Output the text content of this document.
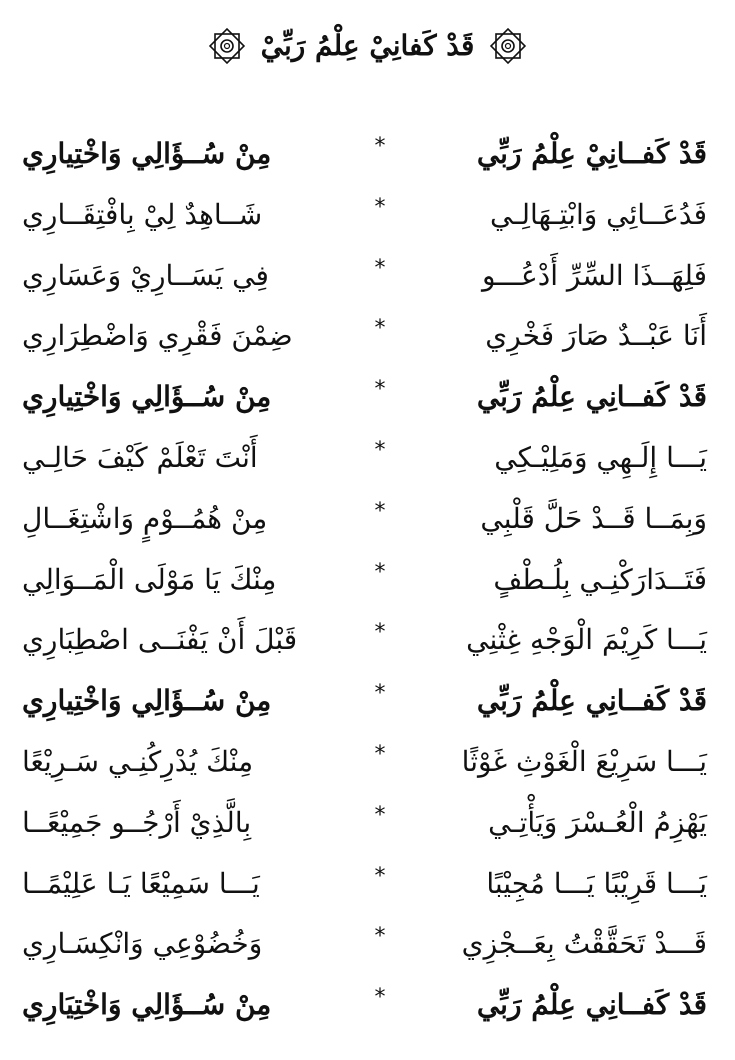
قَدْ كَفانِيْ عِلْمُ رَبِّيْ
قَدْ كَفــانِيْ عِلْمُ رَبِّي
*
مِنْ سُــؤَالِي وَاخْتِيارِي
فَدُعَــائِي وَابْتِـهَالِـي
*
شَــاهِدٌ لِيْ بِافْتِقَــارِي
فَلِهَــذَا السِّرِّ أَدْعُـــو
*
فِي يَسَــارِيْ وَعَسَارِي
أَنَا عَبْــدٌ صَارَ فَخْرِي
*
ضِمْنَ فَقْرِي وَاضْطِرَارِي
قَدْ كَفــانِي عِلْمُ رَبِّي
*
مِنْ سُــؤَالِي وَاخْتِيارِي
يَـــا إِلَـهِي وَمَلِيْـكِي
*
أَنْتَ تَعْلَمْ كَيْفَ حَالِـي
وَبِمَــا قَــدْ حَلَّ قَلْبِي
*
مِنْ هُمُــوْمٍ وَاشْتِغَــالِ
فَتَــدَارَكْنِـي بِلُـطْفٍ
*
مِنْكَ يَا مَوْلَى الْمَــوَالِي
يَـــا كَرِيْمَ الْوَجْهِ غِثْنِي
*
قَبْلَ أَنْ يَفْنَــى اصْطِبَارِي
قَدْ كَفــانِي عِلْمُ رَبِّي
*
مِنْ سُــؤَالِي وَاخْتِيارِي
يَـــا سَرِيْعَ الْغَوْثِ غَوْثًا
*
مِنْكَ يُدْرِكُنِـي سَـرِيْعًا
يَهْزِمُ الْعُـسْرَ وَيَأْتِـي
*
بِالَّذِيْ أَرْجُــو جَمِيْعًــا
يَـــا قَرِيْبًا يَـــا مُجِيْبًا
*
يَـــا سَمِيْعًا يَـا عَلِيْمًــا
قَـــدْ تَحَقَّقْتُ بِعَــجْزِي
*
وَخُضُوْعِي وَانْكِسَـارِي
قَدْ كَفــانِي عِلْمُ رَبِّي
*
مِنْ سُــؤَالِي وَاخْتِيَارِي
